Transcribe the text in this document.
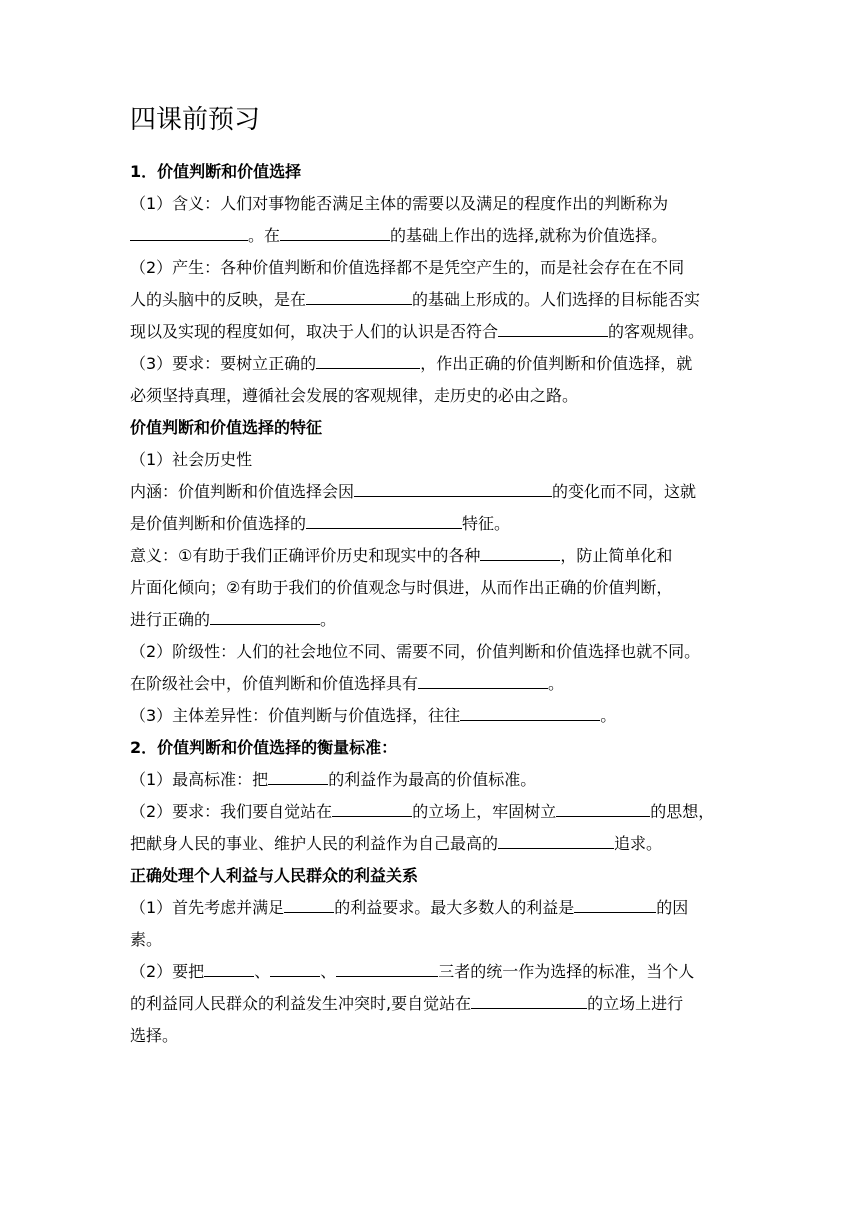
四课前预习

1．价值判断和价值选择

（1）含义：人们对事物能否满足主体的需要以及满足的程度作出的判断称为

。在	的基础上作出的选择,就称为价值选择。

（2）产生：各种价值判断和价值选择都不是凭空产生的，而是社会存在在不同

人的头脑中的反映，是在	的基础上形成的。人们选择的目标能否实

现以及实现的程度如何，取决于人们的认识是否符合	的客观规律。

（3）要求：要树立正确的	，作出正确的价值判断和价值选择，就

必须坚持真理，遵循社会发展的客观规律，走历史的必由之路。

价值判断和价值选择的特征

（1）社会历史性

内涵：价值判断和价值选择会因	的变化而不同，这就

是价值判断和价值选择的	特征。

意义：①有助于我们正确评价历史和现实中的各种	，防止简单化和

片面化倾向；②有助于我们的价值观念与时俱进，从而作出正确的价值判断，

进行正确的	。

（2）阶级性：人们的社会地位不同、需要不同，价值判断和价值选择也就不同。

在阶级社会中，价值判断和价值选择具有	。

（3）主体差异性：价值判断与价值选择，往往	。

2．价值判断和价值选择的衡量标准：

（1）最高标准：把	的利益作为最高的价值标准。

（2）要求：我们要自觉站在	的立场上，牢固树立	的思想，

把献身人民的事业、维护人民的利益作为自己最高的	追求。

正确处理个人利益与人民群众的利益关系

（1）首先考虑并满足	的利益要求。最大多数人的利益是	的因

素。

（2）要把	、	、	三者的统一作为选择的标准，当个人

的利益同人民群众的利益发生冲突时,要自觉站在	的立场上进行

选择。
